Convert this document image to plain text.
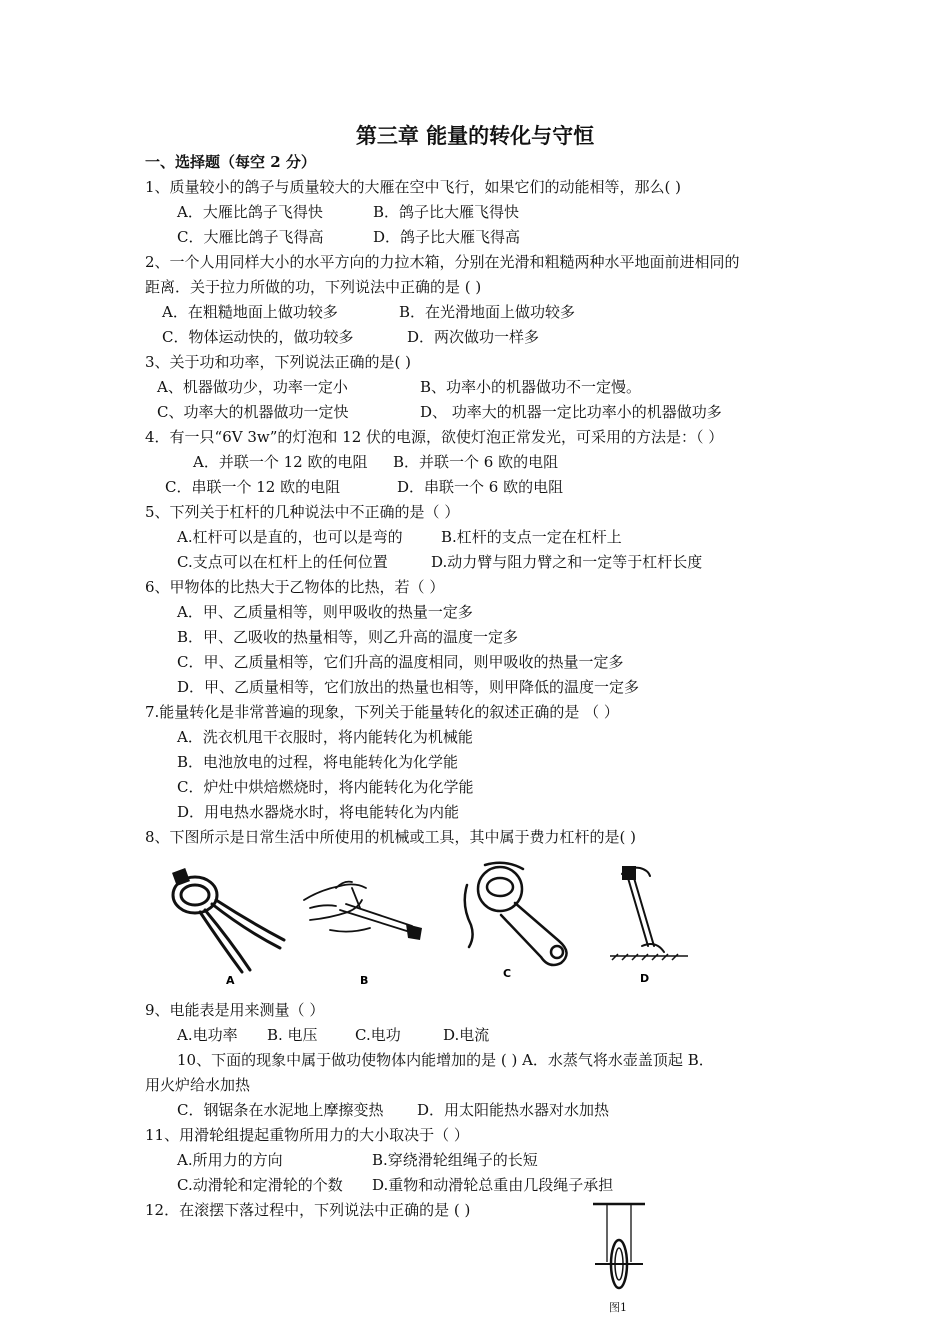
第三章 能量的转化与守恒
一、选择题（每空 2 分）
1、质量较小的鸽子与质量较大的大雁在空中飞行，如果它们的动能相等，那么( )
A．大雁比鸽子飞得快	B．鸽子比大雁飞得快
C．大雁比鸽子飞得高	D．鸽子比大雁飞得高
2、一个人用同样大小的水平方向的力拉木箱，分别在光滑和粗糙两种水平地面前进相同的
距离．关于拉力所做的功，下列说法中正确的是 ( )
A．在粗糙地面上做功较多	B．在光滑地面上做功较多
C．物体运动快的，做功较多	D．两次做功一样多
3、关于功和功率，下列说法正确的是( )
A、机器做功少，功率一定小	B、功率小的机器做功不一定慢。
C、功率大的机器做功一定快	D、 功率大的机器一定比功率小的机器做功多
4．有一只“6V 3w”的灯泡和 12 伏的电源，欲使灯泡正常发光，可采用的方法是：（ ）
A．并联一个 12 欧的电阻 B．并联一个 6 欧的电阻
C．串联一个 12 欧的电阻	D．串联一个 6 欧的电阻
5、下列关于杠杆的几种说法中不正确的是（ ）
A.杠杆可以是直的，也可以是弯的	B.杠杆的支点一定在杠杆上
C.支点可以在杠杆上的任何位置	D.动力臂与阻力臂之和一定等于杠杆长度
6、甲物体的比热大于乙物体的比热，若（ ）
A．甲、乙质量相等，则甲吸收的热量一定多
B．甲、乙吸收的热量相等，则乙升高的温度一定多
C．甲、乙质量相等，它们升高的温度相同，则甲吸收的热量一定多
D．甲、乙质量相等，它们放出的热量也相等，则甲降低的温度一定多
7.能量转化是非常普遍的现象，下列关于能量转化的叙述正确的是 （ ）
A．洗衣机甩干衣服时，将内能转化为机械能
B．电池放电的过程，将电能转化为化学能
C．炉灶中烘焙燃烧时，将内能转化为化学能
D．用电热水器烧水时，将电能转化为内能
8、下图所示是日常生活中所使用的机械或工具，其中属于费力杠杆的是( )
A	B
C	D
9、电能表是用来测量（ ）
A.电功率 B. 电压 C.电功	D.电流
10、下面的现象中属于做功使物体内能增加的是 ( ) A．水蒸气将水壶盖顶起 B．
用火炉给水加热
C．钢锯条在水泥地上摩擦变热 D．用太阳能热水器对水加热
11、用滑轮组提起重物所用力的大小取决于（ ）
A.所用力的方向	B.穿绕滑轮组绳子的长短
C.动滑轮和定滑轮的个数 D.重物和动滑轮总重由几段绳子承担
12．在滚摆下落过程中，下列说法中正确的是 ( )
图1
